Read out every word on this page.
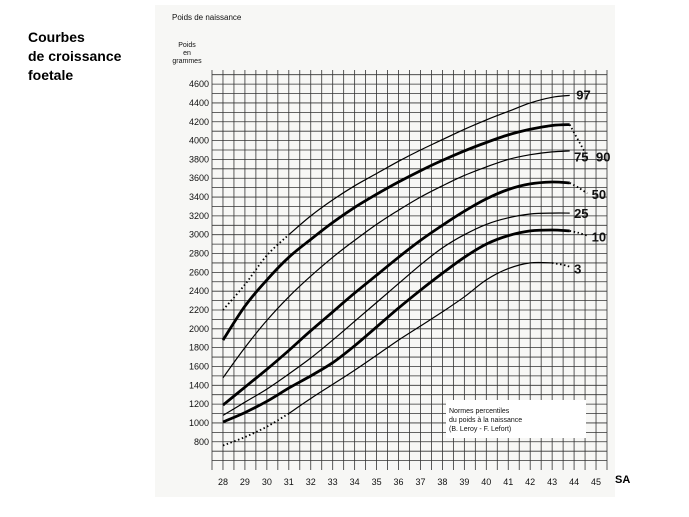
Courbes
de croissance
foetale
Poids de naissance
Poids
en
grammes
97
90
75
50
25
10
3
28 29 30 31 32 33 34 35 36 37 38 39 40 41 42 43 44 45
800
1000
1200
1400
1600
1800
2000
2200
2400
2600
2800
3000
3200
3400
3600
3800
4000
4200
4400
4600
Normes percentiles
du poids à la naissance
(B. Leroy - F. Lefort)
SA
